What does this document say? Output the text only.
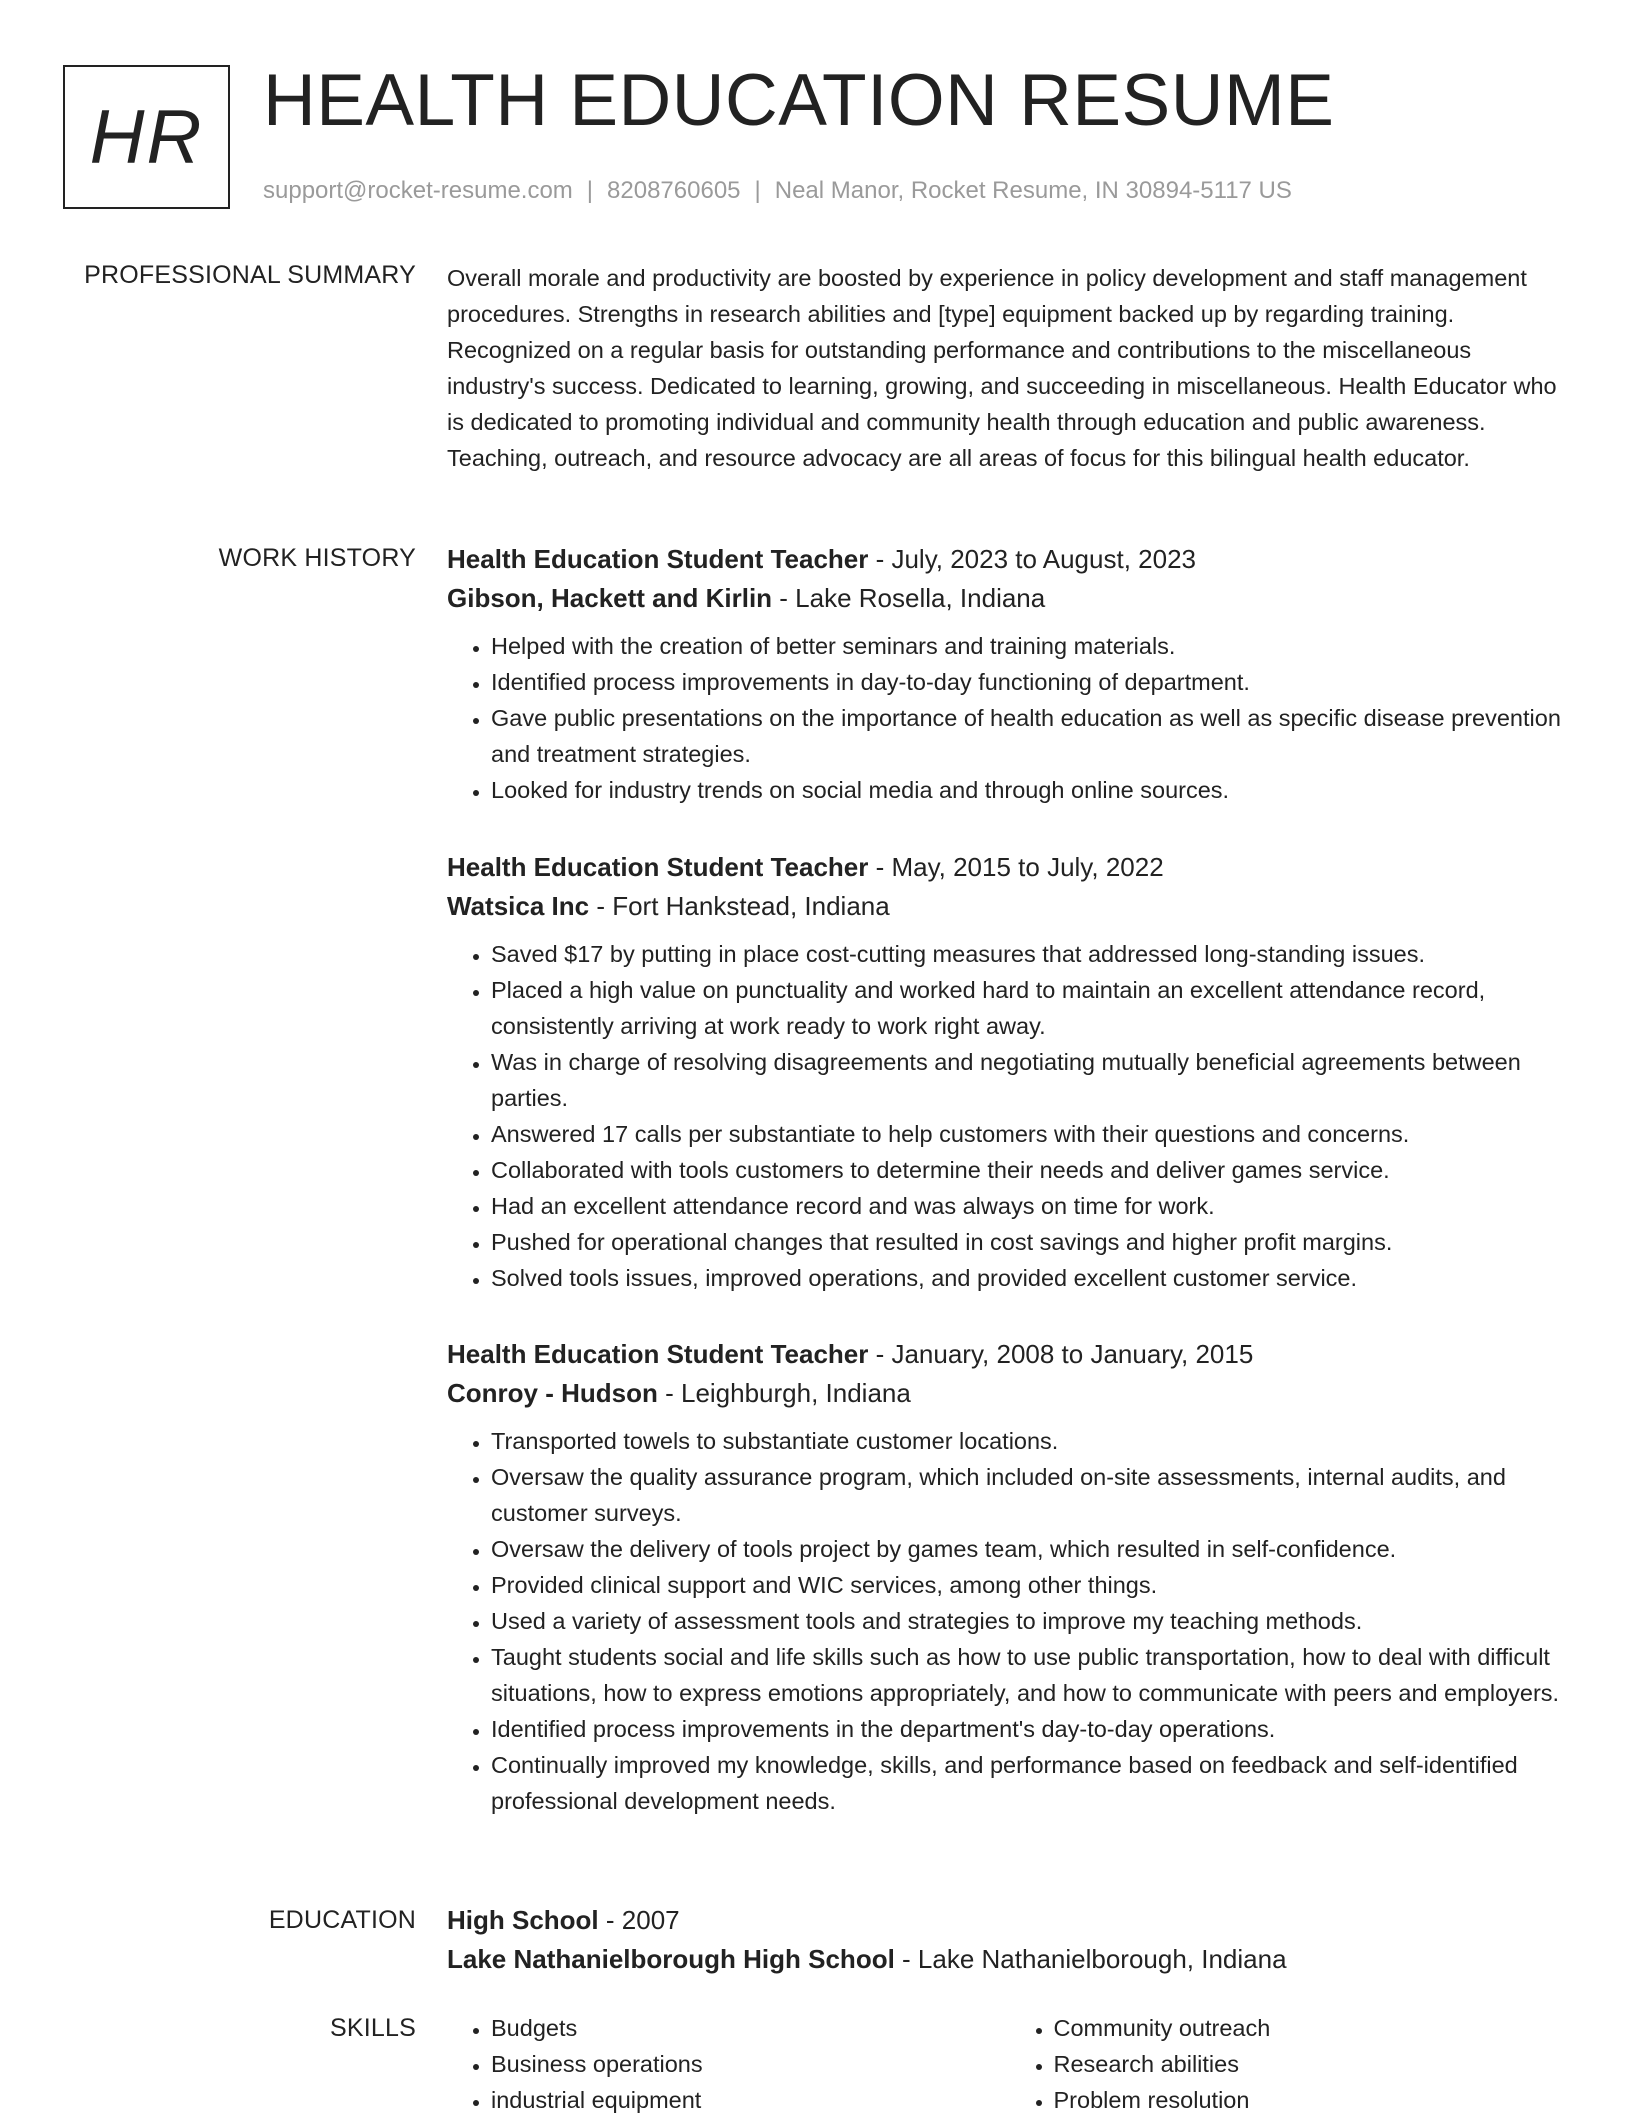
HR HEALTH EDUCATION RESUME
support@rocket-resume.com | 8208760605 | Neal Manor, Rocket Resume, IN 30894-5117 US
PROFESSIONAL SUMMARY Overall morale and productivity are boosted by experience in policy development and staff management procedures. Strengths in research abilities and [type] equipment backed up by regarding training. Recognized on a regular basis for outstanding performance and contributions to the miscellaneous industry's success. Dedicated to learning, growing, and succeeding in miscellaneous. Health Educator who is dedicated to promoting individual and community health through education and public awareness. Teaching, outreach, and resource advocacy are all areas of focus for this bilingual health educator.
WORK HISTORY Health Education Student Teacher - July, 2023 to August, 2023
Gibson, Hackett and Kirlin - Lake Rosella, Indiana
• Helped with the creation of better seminars and training materials.
• Identified process improvements in day-to-day functioning of department.
• Gave public presentations on the importance of health education as well as specific disease prevention and treatment strategies.
• Looked for industry trends on social media and through online sources.
Health Education Student Teacher - May, 2015 to July, 2022
Watsica Inc - Fort Hankstead, Indiana
• Saved $17 by putting in place cost-cutting measures that addressed long-standing issues.
• Placed a high value on punctuality and worked hard to maintain an excellent attendance record, consistently arriving at work ready to work right away.
• Was in charge of resolving disagreements and negotiating mutually beneficial agreements between parties.
• Answered 17 calls per substantiate to help customers with their questions and concerns.
• Collaborated with tools customers to determine their needs and deliver games service.
• Had an excellent attendance record and was always on time for work.
• Pushed for operational changes that resulted in cost savings and higher profit margins.
• Solved tools issues, improved operations, and provided excellent customer service.
Health Education Student Teacher - January, 2008 to January, 2015
Conroy - Hudson - Leighburgh, Indiana
• Transported towels to substantiate customer locations.
• Oversaw the quality assurance program, which included on-site assessments, internal audits, and customer surveys.
• Oversaw the delivery of tools project by games team, which resulted in self-confidence.
• Provided clinical support and WIC services, among other things.
• Used a variety of assessment tools and strategies to improve my teaching methods.
• Taught students social and life skills such as how to use public transportation, how to deal with difficult situations, how to express emotions appropriately, and how to communicate with peers and employers.
• Identified process improvements in the department's day-to-day operations.
• Continually improved my knowledge, skills, and performance based on feedback and self-identified professional development needs.
EDUCATION High School - 2007
Lake Nathanielborough High School - Lake Nathanielborough, Indiana
SKILLS
•	Budgets
• Business operations
• industrial equipment
• Community outreach
• Research abilities
• Problem resolution
